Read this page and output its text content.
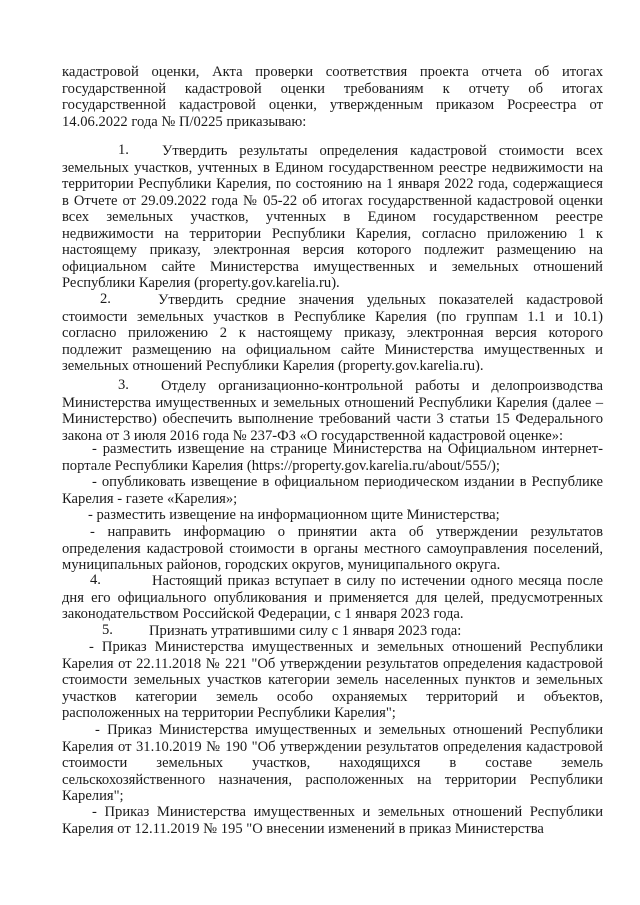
кадастровой оценки, Акта проверки соответствия проекта отчета об итогах
государственной кадастровой оценки требованиям к отчету об итогах
государственной кадастровой оценки, утвержденным приказом Росреестра от
14.06.2022 года № П/0225 приказываю:
1. Утвердить результаты определения кадастровой стоимости всех
земельных участков, учтенных в Едином государственном реестре недвижимости на
территории Республики Карелия, по состоянию на 1 января 2022 года, содержащиеся
в Отчете от 29.09.2022 года № 05-22 об итогах государственной кадастровой оценки
всех земельных участков, учтенных в Едином государственном реестре
недвижимости на территории Республики Карелия, согласно приложению 1 к
настоящему приказу, электронная версия которого подлежит размещению на
официальном сайте Министерства имущественных и земельных отношений
Республики Карелия (property.gov.karelia.ru).
2.	Утвердить средние значения удельных показателей кадастровой
стоимости земельных участков в Республике Карелия (по группам 1.1 и 10.1)
согласно приложению 2 к настоящему приказу, электронная версия которого
подлежит размещению на официальном сайте Министерства имущественных и
земельных отношений Республики Карелия (property.gov.karelia.ru).
3. Отделу организационно-контрольной работы и делопроизводства
Министерства имущественных и земельных отношений Республики Карелия (далее –
Министерство) обеспечить выполнение требований части 3 статьи 15 Федерального
закона от 3 июля 2016 года № 237-ФЗ «О государственной кадастровой оценке»:
- разместить извещение на странице Министерства на Официальном интернет-
портале Республики Карелия (https://property.gov.karelia.ru/about/555/);
- опубликовать извещение в официальном периодическом издании в Республике
Карелия - газете «Карелия»;
- разместить извещение на информационном щите Министерства;
- направить информацию о принятии акта об утверждении результатов
определения кадастровой стоимости в органы местного самоуправления поселений,
муниципальных районов, городских округов, муниципального округа.
4.	Настоящий приказ вступает в силу по истечении одного месяца после
дня его официального опубликования и применяется для целей, предусмотренных
законодательством Российской Федерации, с 1 января 2023 года.
5. Признать утратившими силу с 1 января 2023 года:
- Приказ Министерства имущественных и земельных отношений Республики
Карелия от 22.11.2018 № 221 "Об утверждении результатов определения кадастровой
стоимости земельных участков категории земель населенных пунктов и земельных
участков категории земель особо охраняемых территорий и объектов,
расположенных на территории Республики Карелия";
- Приказ Министерства имущественных и земельных отношений Республики
Карелия от 31.10.2019 № 190 "Об утверждении результатов определения кадастровой
стоимости земельных участков, находящихся в составе земель
сельскохозяйственного назначения, расположенных на территории Республики
Карелия";
- Приказ Министерства имущественных и земельных отношений Республики
Карелия от 12.11.2019 № 195 "О внесении изменений в приказ Министерства
